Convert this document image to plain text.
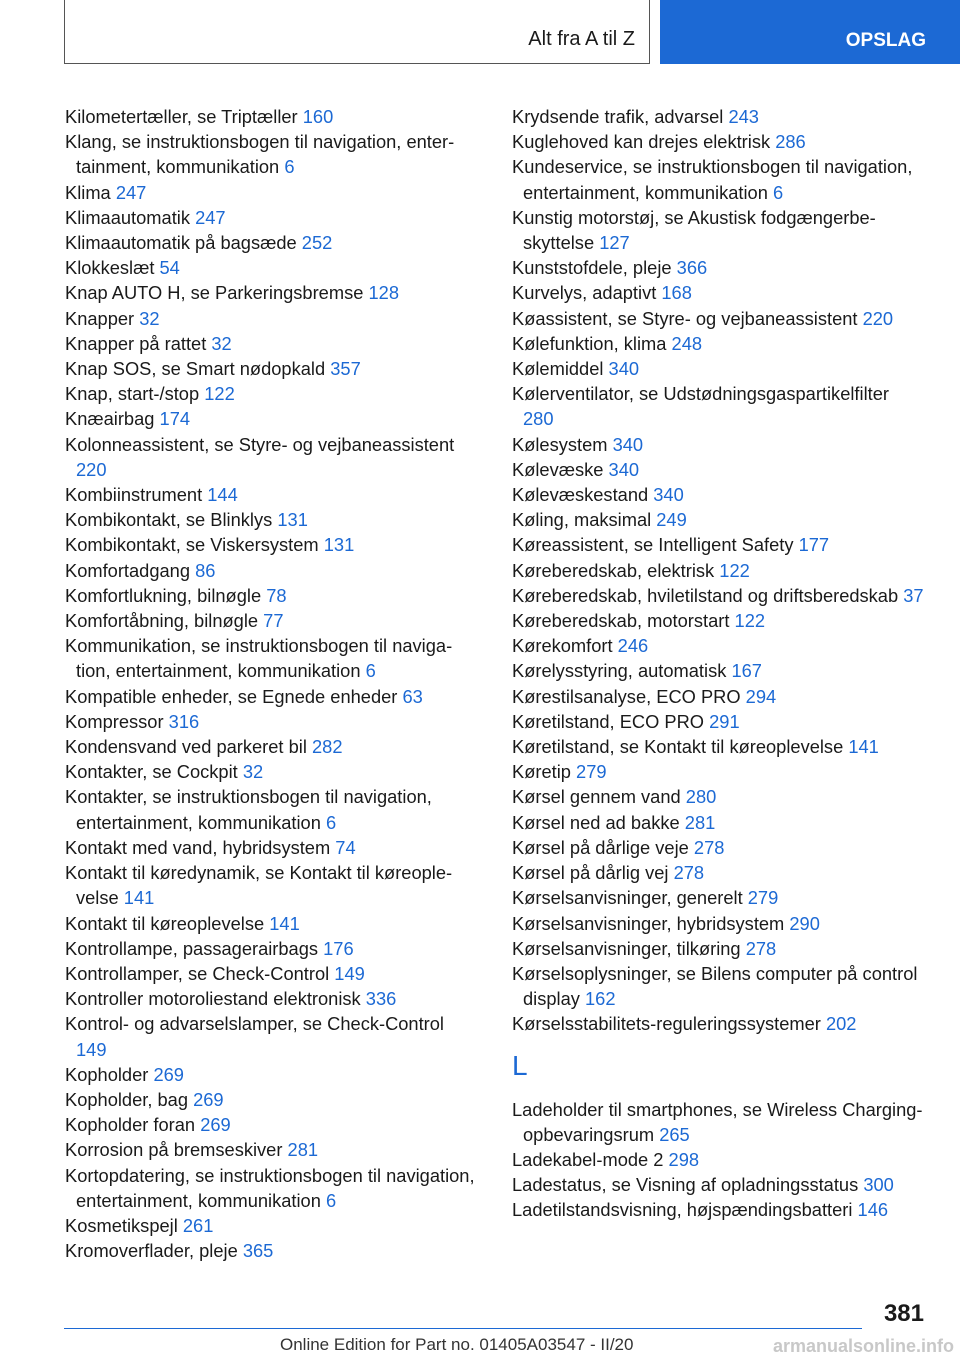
Alt fra A til Z	OPSLAG

Kilometertæller, se Triptæller 160

Klang, se instruktionsbogen til navigation, entertainment, kommunikation 6

Klima 247

Klimaautomatik 247

Klimaautomatik på bagsæde 252

Klokkeslæt 54

Knap AUTO H, se Parkeringsbremse 128

Knapper 32

Knapper på rattet 32

Knap SOS, se Smart nødopkald 357

Knap, start-/stop 122

Knæairbag 174

Kolonneassistent, se Styre- og vejbaneassistent 220

Kombiinstrument 144

Kombikontakt, se Blinklys 131

Kombikontakt, se Viskersystem 131

Komfortadgang 86

Komfortlukning, bilnøgle 78

Komfortåbning, bilnøgle 77

Kommunikation, se instruktionsbogen til navigation, entertainment, kommunikation 6

Kompatible enheder, se Egnede enheder 63

Kompressor 316

Kondensvand ved parkeret bil 282

Kontakter, se Cockpit 32

Kontakter, se instruktionsbogen til navigation, entertainment, kommunikation 6

Kontakt med vand, hybridsystem 74

Kontakt til køredynamik, se Kontakt til køreoplevelse 141

Kontakt til køreoplevelse 141

Kontrollampe, passagerairbags 176

Kontrollamper, se Check-Control 149

Kontroller motoroliestand elektronisk 336

Kontrol- og advarselslamper, se Check-Control 149

Kopholder 269

Kopholder, bag 269

Kopholder foran 269

Korrosion på bremseskiver 281

Kortopdatering, se instruktionsbogen til navigation, entertainment, kommunikation 6

Kosmetikspejl 261

Kromoverflader, pleje 365

Krydsende trafik, advarsel 243

Kuglehoved kan drejes elektrisk 286

Kundeservice, se instruktionsbogen til navigation, entertainment, kommunikation 6

Kunstig motorstøj, se Akustisk fodgængerbeskyttelse 127

Kunststofdele, pleje 366

Kurvelys, adaptivt 168

Køassistent, se Styre- og vejbaneassistent 220

Kølefunktion, klima 248

Kølemiddel 340

Kølerventilator, se Udstødningsgaspartikelfilter 280

Kølesystem 340

Kølevæske 340

Kølevæskestand 340

Køling, maksimal 249

Køreassistent, se Intelligent Safety 177

Køreberedskab, elektrisk 122

Køreberedskab, hviletilstand og driftsberedskab 37

Køreberedskab, motorstart 122

Kørekomfort 246

Kørelysstyring, automatisk 167

Kørestilsanalyse, ECO PRO 294

Køretilstand, ECO PRO 291

Køretilstand, se Kontakt til køreoplevelse 141

Køretip 279

Kørsel gennem vand 280

Kørsel ned ad bakke 281

Kørsel på dårlige veje 278

Kørsel på dårlig vej 278

Kørselsanvisninger, generelt 279

Kørselsanvisninger, hybridsystem 290

Kørselsanvisninger, tilkøring 278

Kørselsoplysninger, se Bilens computer på control display 162

Kørselsstabilitets-reguleringssystemer 202

L

Ladeholder til smartphones, se Wireless Charging-opbevaringsrum 265

Ladekabel-mode 2 298

Ladestatus, se Visning af opladningsstatus 300

Ladetilstandsvisning, højspændingsbatteri 146

381
Online Edition for Part no. 01405A03547 - II/20	armanualsonline.info
